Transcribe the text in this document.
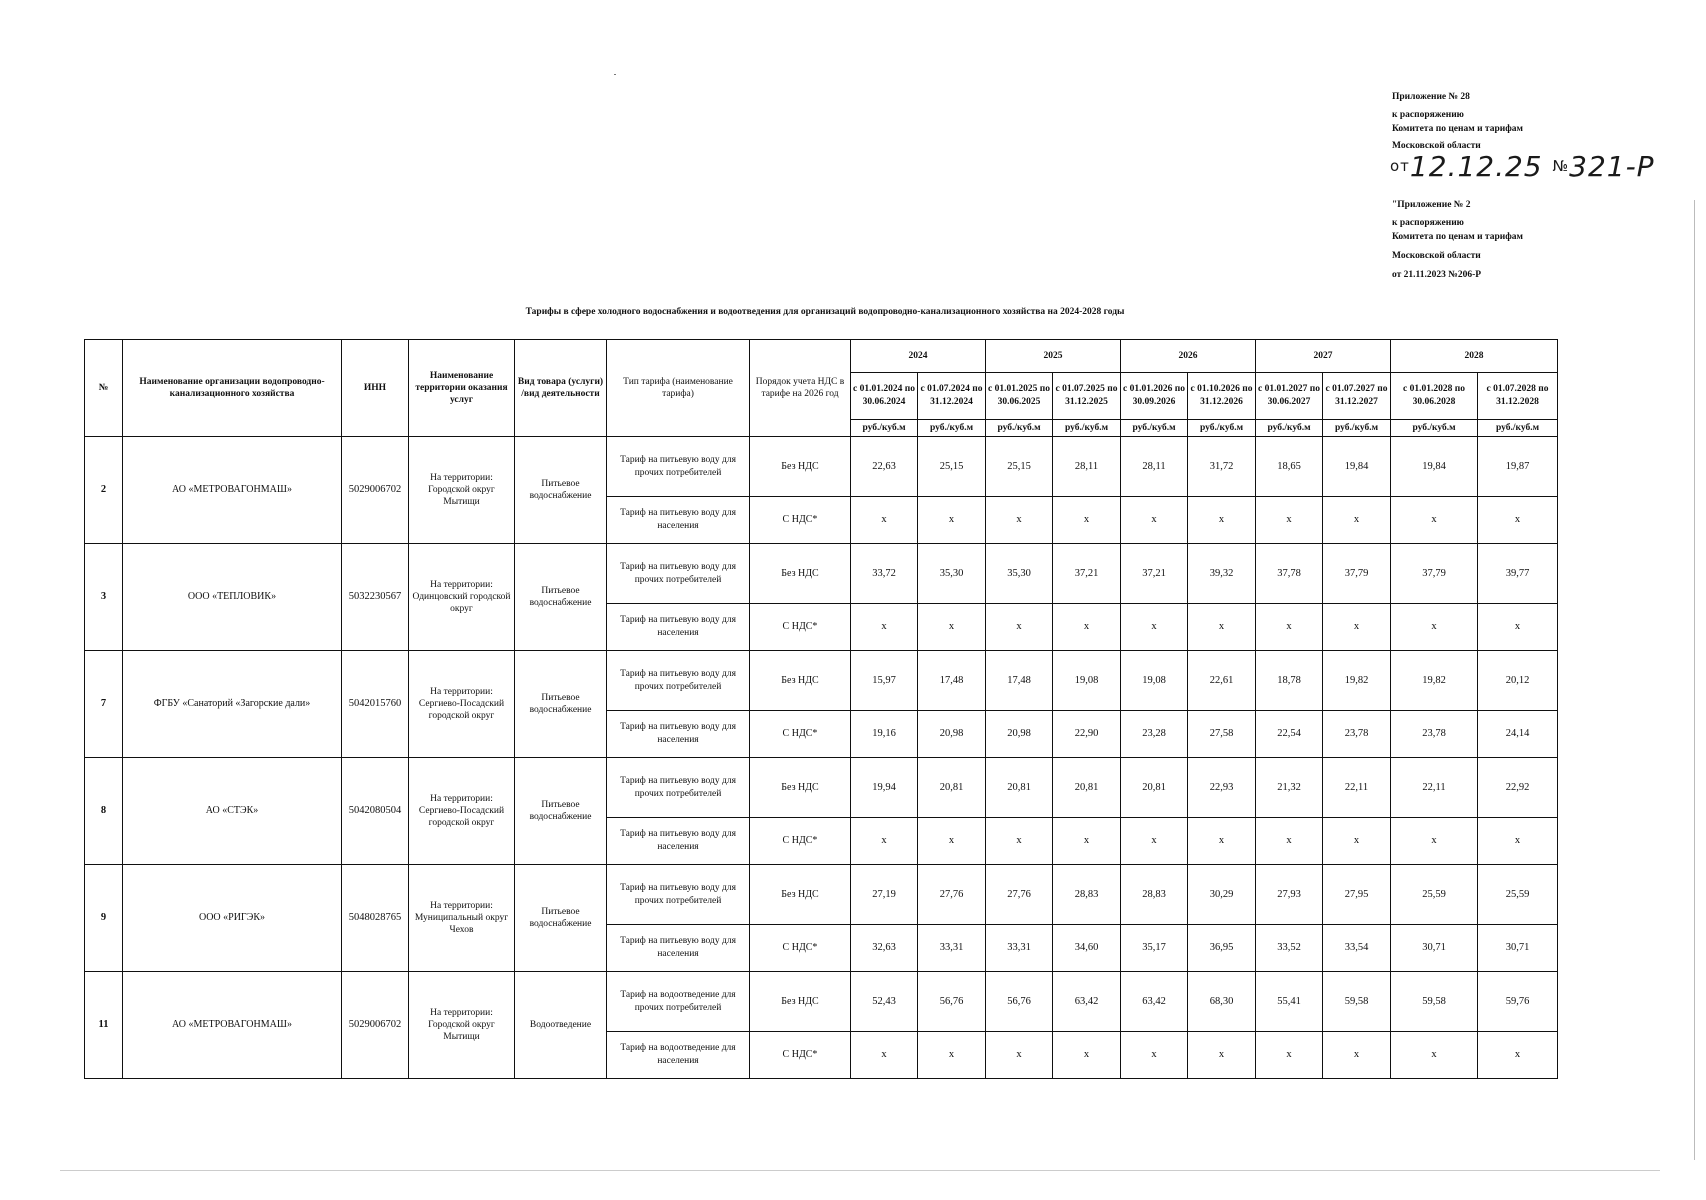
Приложение № 28
к распоряжению
Комитета по ценам и тарифам
Московской области
от12.12.25 №321-Р
"Приложение № 2
к распоряжению
Комитета по ценам и тарифам
Московской области
от 21.11.2023 №206-Р
Тарифы в сфере холодного водоснабжения и водоотведения для организаций водопроводно-канализационного хозяйства на 2024-2028 годы
№	Наименование организации водопроводно-канализационного хозяйства	ИНН	Наименование территории оказания услуг	Вид товара (услуги) /вид деятельности	Тип тарифа (наименование тарифа)	Порядок учета НДС в тарифе на 2026 год	2024		2025		2026		2027		2028	
							с 01.01.2024 по 30.06.2024	с 01.07.2024 по 31.12.2024	с 01.01.2025 по 30.06.2025	с 01.07.2025 по 31.12.2025	с 01.01.2026 по 30.09.2026	с 01.10.2026 по 31.12.2026	с 01.01.2027 по 30.06.2027	с 01.07.2027 по 31.12.2027	с 01.01.2028 по 30.06.2028	с 01.07.2028 по 31.12.2028
							руб./куб.м	руб./куб.м	руб./куб.м	руб./куб.м	руб./куб.м	руб./куб.м	руб./куб.м	руб./куб.м	руб./куб.м	руб./куб.м
2	АО «МЕТРОВАГОНМАШ»	5029006702	На территории: Городской округ Мытищи	Питьевое водоснабжение	Тариф на питьевую воду для прочих потребителей	Без НДС	22,63	25,15	25,15	28,11	28,11	31,72	18,65	19,84	19,84	19,87
					Тариф на питьевую воду для населения	С НДС*	х	х	х	х	х	х	х	х	х	х
3	ООО «ТЕПЛОВИК»	5032230567	На территории: Одинцовский городской округ	Питьевое водоснабжение	Тариф на питьевую воду для прочих потребителей	Без НДС	33,72	35,30	35,30	37,21	37,21	39,32	37,78	37,79	37,79	39,77
					Тариф на питьевую воду для населения	С НДС*	х	х	х	х	х	х	х	х	х	х
7	ФГБУ «Санаторий «Загорские дали»	5042015760	На территории: Сергиево-Посадский городской округ	Питьевое водоснабжение	Тариф на питьевую воду для прочих потребителей	Без НДС	15,97	17,48	17,48	19,08	19,08	22,61	18,78	19,82	19,82	20,12
					Тариф на питьевую воду для населения	С НДС*	19,16	20,98	20,98	22,90	23,28	27,58	22,54	23,78	23,78	24,14
8	АО «СТЭК»	5042080504	На территории: Сергиево-Посадский городской округ	Питьевое водоснабжение	Тариф на питьевую воду для прочих потребителей	Без НДС	19,94	20,81	20,81	20,81	20,81	22,93	21,32	22,11	22,11	22,92
					Тариф на питьевую воду для населения	С НДС*	х	х	х	х	х	х	х	х	х	х
9	ООО «РИГЭК»	5048028765	На территории: Муниципальный округ Чехов	Питьевое водоснабжение	Тариф на питьевую воду для прочих потребителей	Без НДС	27,19	27,76	27,76	28,83	28,83	30,29	27,93	27,95	25,59	25,59
					Тариф на питьевую воду для населения	С НДС*	32,63	33,31	33,31	34,60	35,17	36,95	33,52	33,54	30,71	30,71
11	АО «МЕТРОВАГОНМАШ»	5029006702	На территории: Городской округ Мытищи	Водоотведение	Тариф на водоотведение для прочих потребителей	Без НДС	52,43	56,76	56,76	63,42	63,42	68,30	55,41	59,58	59,58	59,76
					Тариф на водоотведение для населения	С НДС*	х	х	х	х	х	х	х	х	х	х
